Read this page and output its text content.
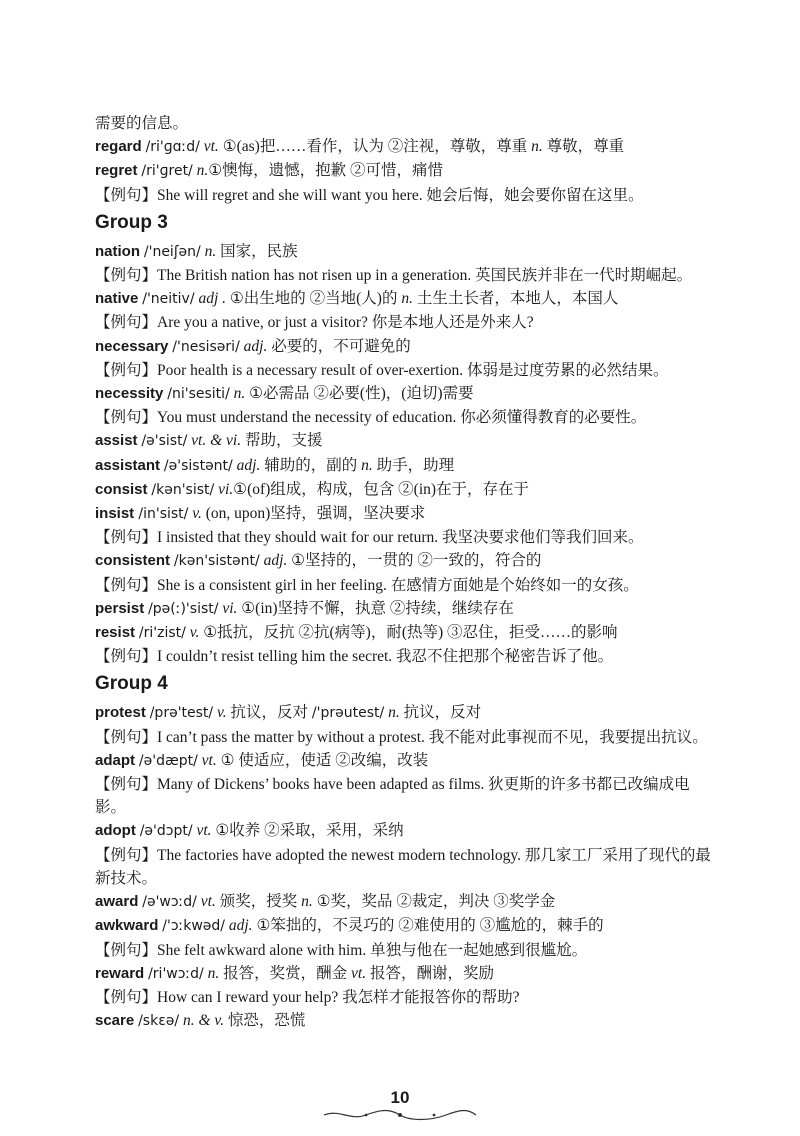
需要的信息。
regard /ri'ɡɑːd/ vt. ①(as)把……看作，认为 ②注视，尊敬，尊重 n. 尊敬，尊重
regret /ri'ɡret/ n.①懊悔，遗憾，抱歉 ②可惜，痛惜
【例句】She will regret and she will want you here. 她会后悔，她会要你留在这里。
Group 3
nation /'neiʃən/ n. 国家，民族
【例句】The British nation has not risen up in a generation. 英国民族并非在一代时期崛起。
native /'neitiv/ adj . ①出生地的 ②当地(人)的 n. 土生土长者，本地人，本国人
【例句】Are you a native, or just a visitor? 你是本地人还是外来人?
necessary /'nesisəri/ adj. 必要的，不可避免的
【例句】Poor health is a necessary result of over-exertion. 体弱是过度劳累的必然结果。
necessity /ni'sesiti/ n. ①必需品 ②必要(性)，(迫切)需要
【例句】You must understand the necessity of education. 你必须懂得教育的必要性。
assist /ə'sist/ vt. & vi. 帮助，支援
assistant /ə'sistənt/ adj. 辅助的，副的 n. 助手，助理
consist /kən'sist/ vi.①(of)组成，构成，包含 ②(in)在于，存在于
insist /in'sist/ v. (on, upon)坚持，强调，坚决要求
【例句】I insisted that they should wait for our return. 我坚决要求他们等我们回来。
consistent /kən'sistənt/ adj. ①坚持的，一贯的 ②一致的，符合的
【例句】She is a consistent girl in her feeling. 在感情方面她是个始终如一的女孩。
persist /pə(ː)'sist/ vi. ①(in)坚持不懈，执意 ②持续，继续存在
resist /ri'zist/ v. ①抵抗，反抗 ②抗(病等)，耐(热等) ③忍住，拒受……的影响
【例句】I couldn’t resist telling him the secret. 我忍不住把那个秘密告诉了他。
Group 4
protest /prə'test/ v. 抗议，反对 /'prəutest/ n. 抗议，反对
【例句】I can’t pass the matter by without a protest. 我不能对此事视而不见，我要提出抗议。
adapt /ə'dæpt/ vt. ① 使适应，使适 ②改编，改装
【例句】Many of Dickens’ books have been adapted as films. 狄更斯的许多书都已改编成电影。
adopt /ə'dɔpt/ vt. ①收养 ②采取，采用，采纳
【例句】The factories have adopted the newest modern technology. 那几家工厂采用了现代的最新技术。
award /ə'wɔːd/ vt. 颁奖，授奖 n. ①奖，奖品 ②裁定，判决 ③奖学金
awkward /'ɔːkwəd/ adj. ①笨拙的，不灵巧的 ②难使用的 ③尴尬的，棘手的
【例句】She felt awkward alone with him. 单独与他在一起她感到很尴尬。
reward /ri'wɔːd/ n. 报答，奖赏，酬金 vt. 报答，酬谢，奖励
【例句】How can I reward your help? 我怎样才能报答你的帮助?
scare /skεə/ n. & v. 惊恐，恐慌
10
